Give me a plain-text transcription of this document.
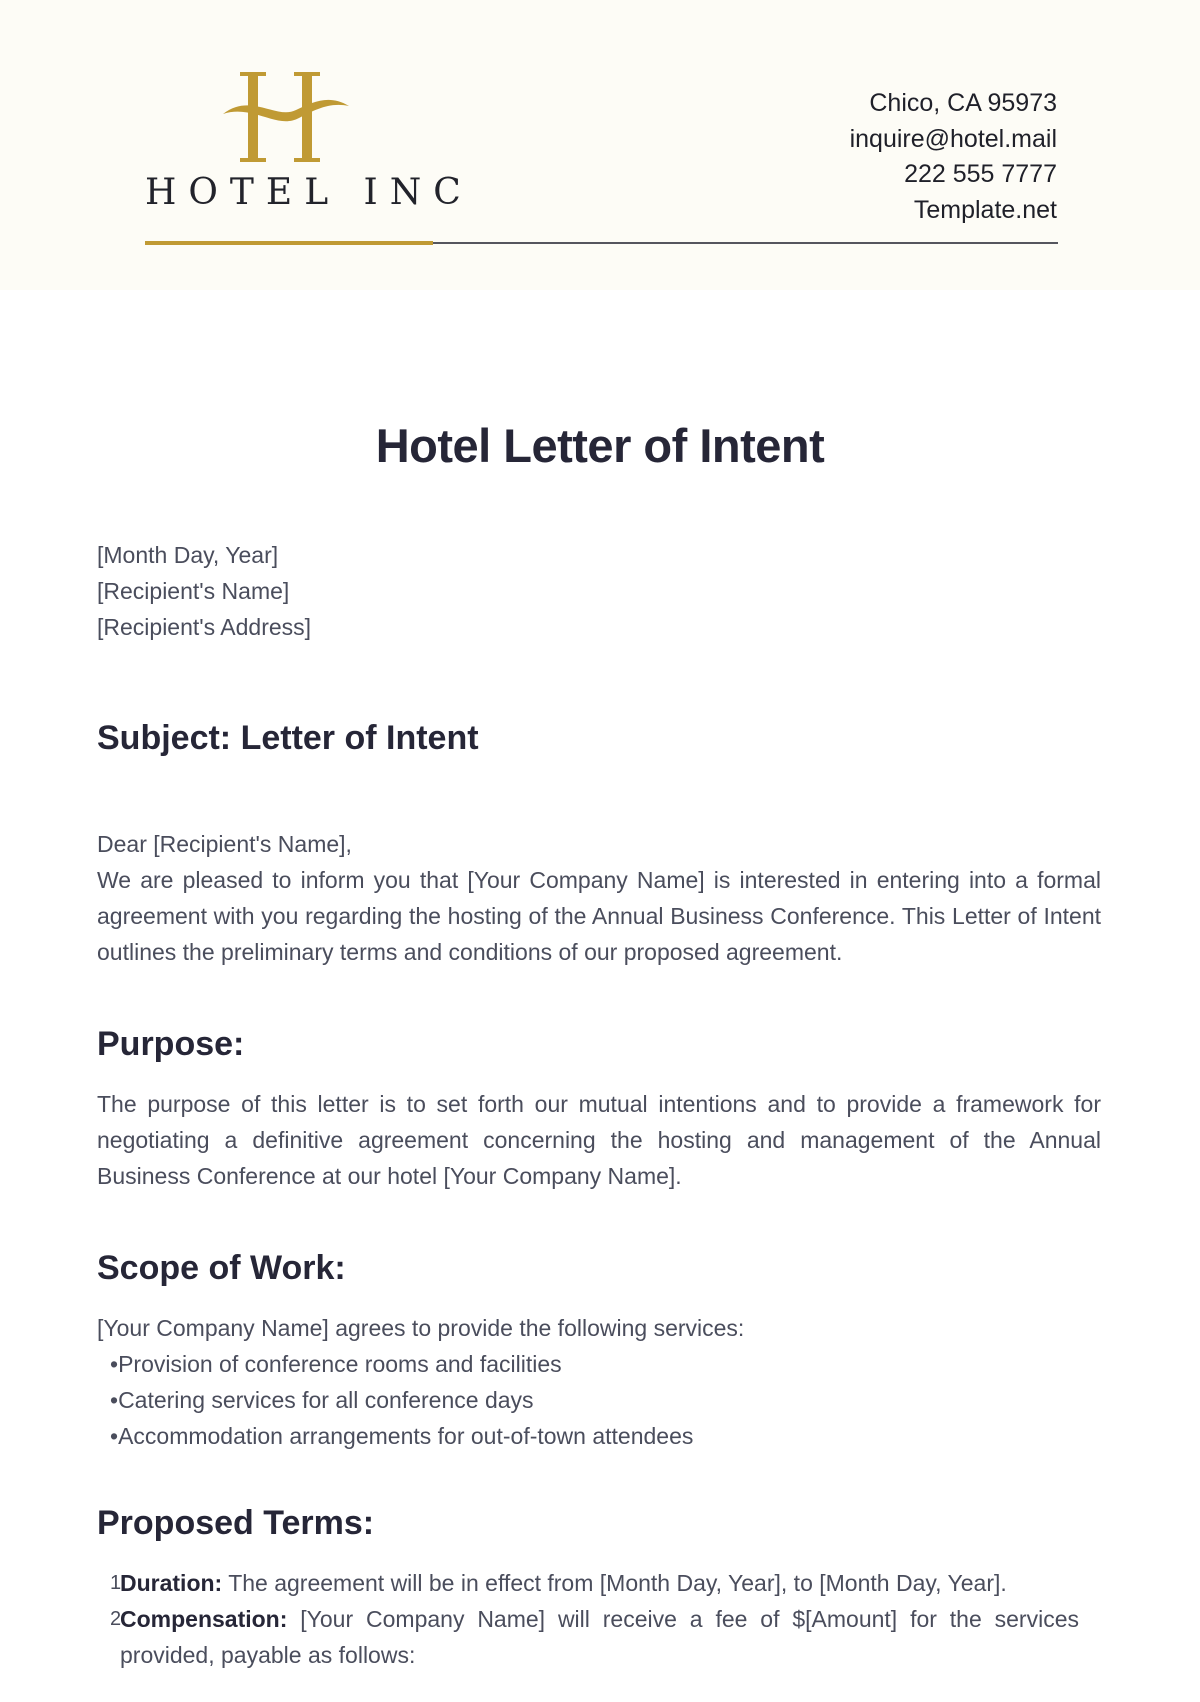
HOTEL INC
Chico, CA 95973
inquire@hotel.mail
222 555 7777
Template.net
Hotel Letter of Intent
[Month Day, Year]
[Recipient's Name]
[Recipient's Address]
Subject: Letter of Intent
Dear [Recipient's Name],

We are pleased to inform you that [Your Company Name] is interested in entering into a formal agreement with you regarding the hosting of the Annual Business Conference. This Letter of Intent outlines the preliminary terms and conditions of our proposed agreement.

Purpose:

The purpose of this letter is to set forth our mutual intentions and to provide a framework for negotiating a definitive agreement concerning the hosting and management of the Annual Business Conference at our hotel [Your Company Name].

Scope of Work:
[Your Company Name] agrees to provide the following services:
•Provision of conference rooms and facilities
•Catering services for all conference days
•Accommodation arrangements for out-of-town attendees
Proposed Terms:
1
Duration: The agreement will be in effect from [Month Day, Year], to [Month Day, Year].
2
Compensation: [Your Company Name] will receive a fee of $[Amount] for the services provided, payable as follows:
